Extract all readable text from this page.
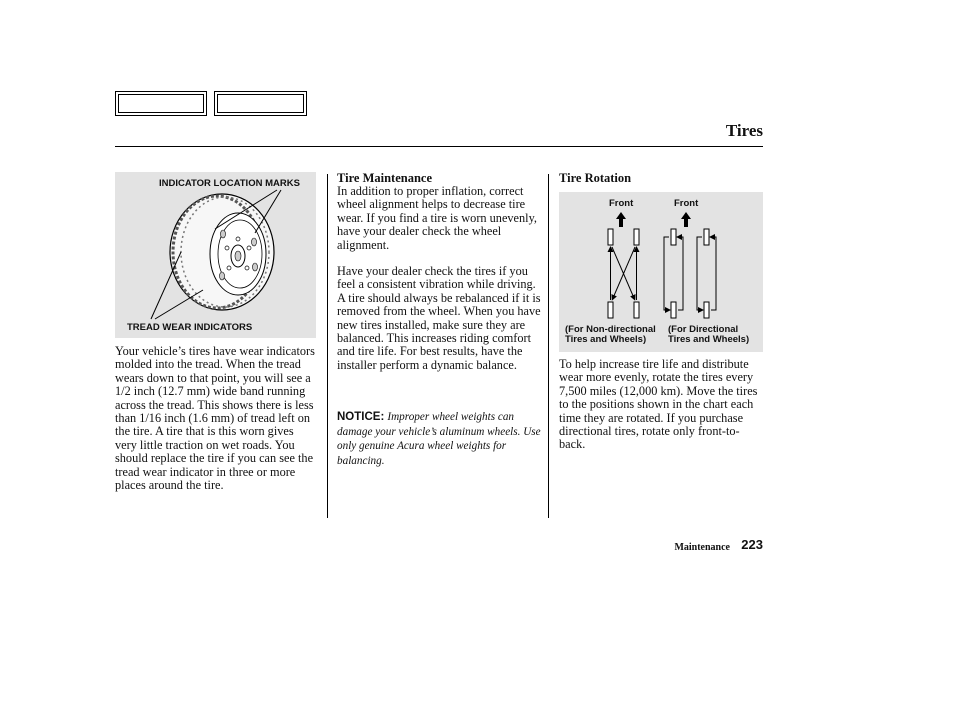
Tires
INDICATOR LOCATION MARKS
TREAD WEAR INDICATORS

Your vehicle’s tires have wear indicators molded into the tread. When the tread wears down to that point, you will see a 1/2 inch (12.7 mm) wide band running across the tread. This shows there is less than 1/16 inch (1.6 mm) of tread left on the tire. A tire that is this worn gives very little traction on wet roads. You should replace the tire if you can see the tread wear indicator in three or more places around the tire.

Tire Maintenance

In addition to proper inflation, correct wheel alignment helps to decrease tire wear. If you find a tire is worn unevenly, have your dealer check the wheel alignment.

Have your dealer check the tires if you feel a consistent vibration while driving. A tire should always be rebalanced if it is removed from the wheel. When you have new tires installed, make sure they are balanced. This increases riding comfort and tire life. For best results, have the installer perform a dynamic balance.

NOTICE: Improper wheel weights can damage your vehicle’s aluminum wheels. Use only genuine Acura wheel weights for balancing.

Tire Rotation

Front	Front
(For Non-directional
Tires and Wheels)
(For Directional
Tires and Wheels)

To help increase tire life and distribute wear more evenly, rotate the tires every 7,500 miles (12,000 km). Move the tires to the positions shown in the chart each time they are rotated. If you purchase directional tires, rotate only front-to-back.

Maintenance 223
